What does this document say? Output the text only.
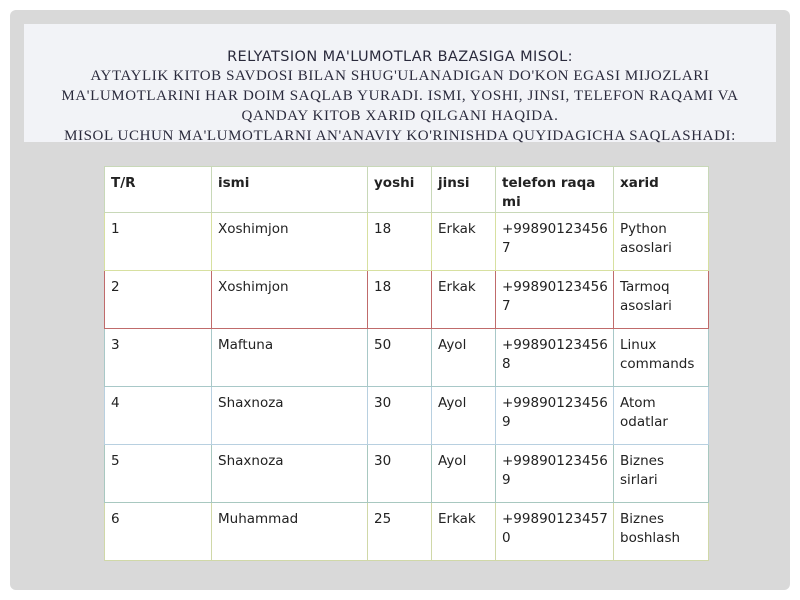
RELYATSION MA'LUMOTLAR BAZASIGA MISOL:
AYTAYLIK KITOB SAVDOSI BILAN SHUG'ULANADIGAN DO'KON EGASI MIJOZLARI
MA'LUMOTLARINI HAR DOIM SAQLAB YURADI. ISMI, YOSHI, JINSI, TELEFON RAQAMI VA
QANDAY KITOB XARID QILGANI HAQIDA.
MISOL UCHUN MA'LUMOTLARNI AN'ANAVIY KO'RINISHDA QUYIDAGICHA SAQLASHADI:
T/R	ismi	yoshi	jinsi	telefon raqami	xarid
1	Xoshimjon	18	Erkak	+998901234567	Python asoslari
2	Xoshimjon	18	Erkak	+998901234567	Tarmoq asoslari
3	Maftuna	50	Ayol	+998901234568	Linux commands
4	Shaxnoza	30	Ayol	+998901234569	Atom odatlar
5	Shaxnoza	30	Ayol	+998901234569	Biznes sirlari
6	Muhammad	25	Erkak	+998901234570	Biznes boshlash
